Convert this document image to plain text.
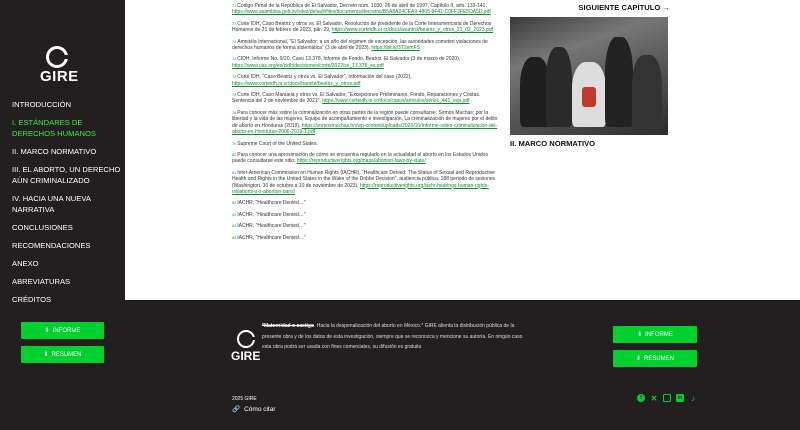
GIRE
INTRODUCCIÓN
I. ESTÁNDARES DE DERECHOS HUMANOS
II. MARCO NORMATIVO
III. EL ABORTO, UN DERECHO AÚN CRIMINALIZADO
IV. HACIA UNA NUEVA NARRATIVA
CONCLUSIONES
RECOMENDACIONES
ANEXO
ABREVIATURAS
CRÉDITOS
⬇ INFORME
⬇ RESUMEN

$^{71}$Código Penal de la República de El Salvador, Decreto núm. 1030, 26 de abril de 1997, Capítulo II, arts. 133-141, https://www.asamblea.gob.sv/sites/default/files/documents/decretos/B5A8A24CEA9-4805-9F41-C0FF2FE5DA5D.pdf

$^{72}$Corte IDH, Caso Beatriz y otros vs. El Salvador, Resolución de presidente de la Corte Interamericana de Derechos Humanos de 21 de febrero de 2023, pár. 29, https://www.corteidh.or.cr/docs/asuntos/beatriz_y_otros_21_02_2023.pdf

$^{73}$Amnistía Internacional, "El Salvador: a un año del régimen de excepción, las autoridades cometen violaciones de derechos humanos de forma sistemática" (3 de abril de 2023), https://bit.ly/3T2emFS

$^{74}$CIDH, Informe No. 9/20, Caso 13.378, Informe de Fondo. Beatriz. El Salvador (3 de marzo de 2020), https://www.oas.org/es/cidh/decisiones/corte/2022/sv_13.378_es.pdf

$^{75}$Corte IDH, "Caso Beatriz y otros vs. El Salvador", Información del caso (2022), https://www.corteidh.or.cr/docs/tramite/beatriz_y_otros.pdf

$^{76}$Corte IDH, Caso Manuela y otros vs. El Salvador, "Excepciones Preliminares, Fondo, Reparaciones y Costas. Sentencia del 2 de noviembre de 2021", https://www.corteidh.or.cr/docs/casos/articulos/seriec_441_esp.pdf

$^{78}$Para conocer más sobre la criminalización en otras partes de la región puede consultarse: Somos Muchas: por la libertad y la vida de las mujeres, Equipo de acompañamiento e investigación, La criminalización de mujeres por el delito de aborto en Honduras (2019), https://somosmuchas.hn/wp-content/uploads/2020/10/Informe-sobre-criminalizacion-del-aborto-en-Honduras-2006-2019-1.pdf

$^{79}$Supreme Court of the United States.

$^{80}$Para conocer una aproximación de cómo se encuentra regulado en la actualidad el aborto en los Estados Unidos puede consultarse este sitio: https://reproductiverights.org/maps/abortion-laws-by-state/

$^{81}$Inter-American Commission on Human Rights (IACHR), "Healthcare Denied: The Status of Sexual and Reproductive Health and Rights in the United States in the Wake of the Dobbs Decision", audiencia pública, 188 periodo de sesiones (Washington, 30 de octubre a 10 de noviembre de 2023), https://reproductiverights.org/iachr-hearings-human-rights-violations-u-s-abortion-bans/

$^{82}$IACHR, "Healthcare Denied…"

$^{83}$IACHR, "Healthcare Denied…"

$^{84}$IACHR, "Healthcare Denied…"

$^{85}$IACHR, "Healthcare Denied…"

SIGUIENTE CAPÍTULO →
II. MARCO NORMATIVO
GIRE
*Maternidad o castigo. Hacia la despenalización del aborto en México.* GIRE alienta la distribución pública de la presente obra y de los datos de esta investigación, siempre que se reconozca y mencione su autoría. En ningún caso esta obra podrá ser usada con fines comerciales, su difusión es gratuita
⬇ INFORME
⬇ RESUMEN
2025 GIRE
🔗 Cómo citar
f	✕	in ♪
